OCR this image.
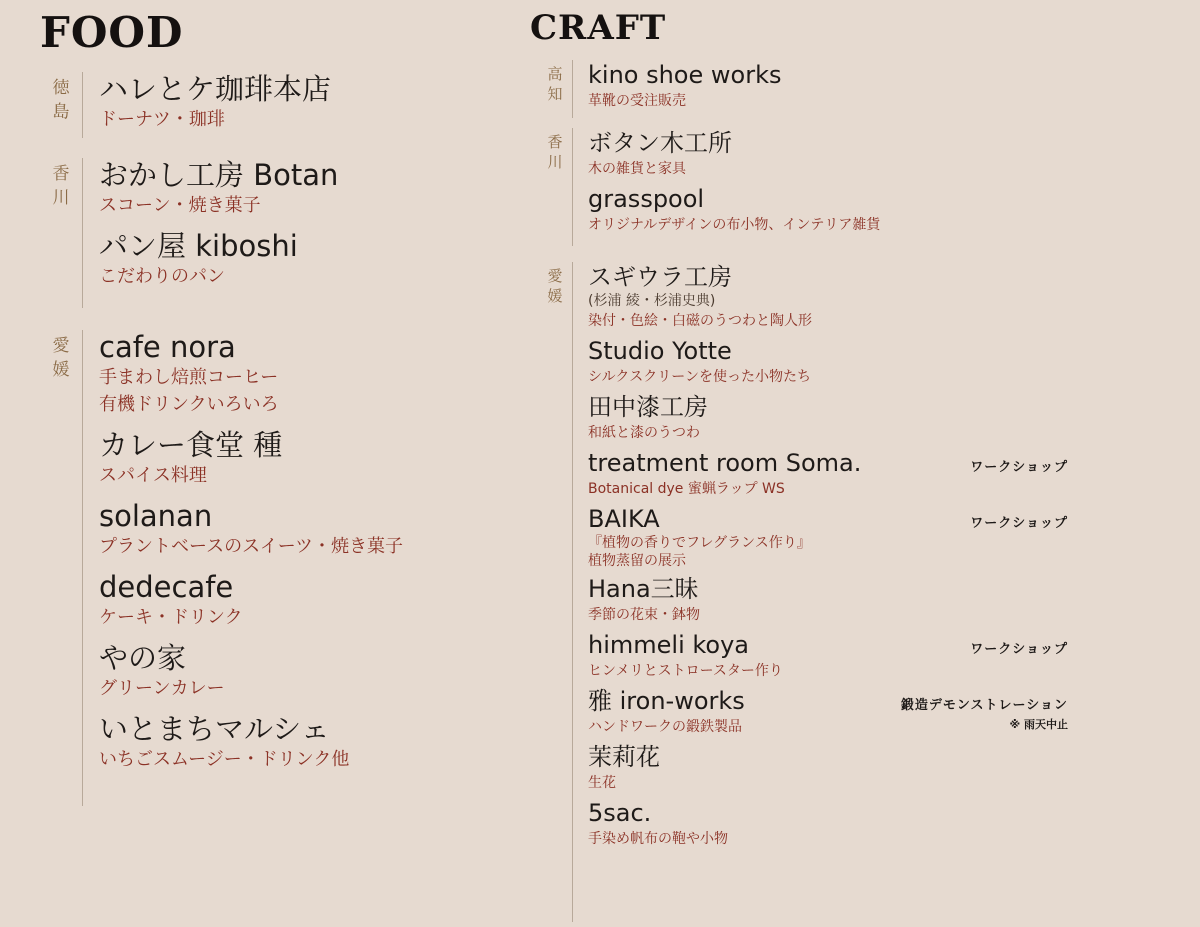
FOOD	CRAFT
徳
島

ハレとケ珈琲本店

ドーナツ・珈琲

香
川

おかし工房 Botan

スコーン・焼き菓子

パン屋 kiboshi

こだわりのパン

愛
媛

cafe nora

手まわし焙煎コーヒー

有機ドリンクいろいろ

カレー食堂 種

スパイス料理

solanan

プラントベースのスイーツ・焼き菓子

dedecafe

ケーキ・ドリンク

やの家

グリーンカレー

いとまちマルシェ

いちごスムージー・ドリンク他

高
知

kino shoe works

革靴の受注販売

香
川

ボタン木工所

木の雑貨と家具

grasspool

オリジナルデザインの布小物、インテリア雑貨

愛
媛

スギウラ工房

(杉浦 綾・杉浦史典)

染付・色絵・白磁のうつわと陶人形

Studio Yotte

シルクスクリーンを使った小物たち

田中漆工房

和紙と漆のうつわ

treatment room Soma.	ワークショップ

Botanical dye 蜜蝋ラップ WS

BAIKA	ワークショップ

『植物の香りでフレグランス作り』

植物蒸留の展示

Hana三昧

季節の花束・鉢物

himmeli koya	ワークショップ

ヒンメリとストロースター作り

雅 iron-works	鍛造デモンストレーション
※ 雨天中止

ハンドワークの鍛鉄製品

茉莉花

生花

5sac.

手染め帆布の鞄や小物
